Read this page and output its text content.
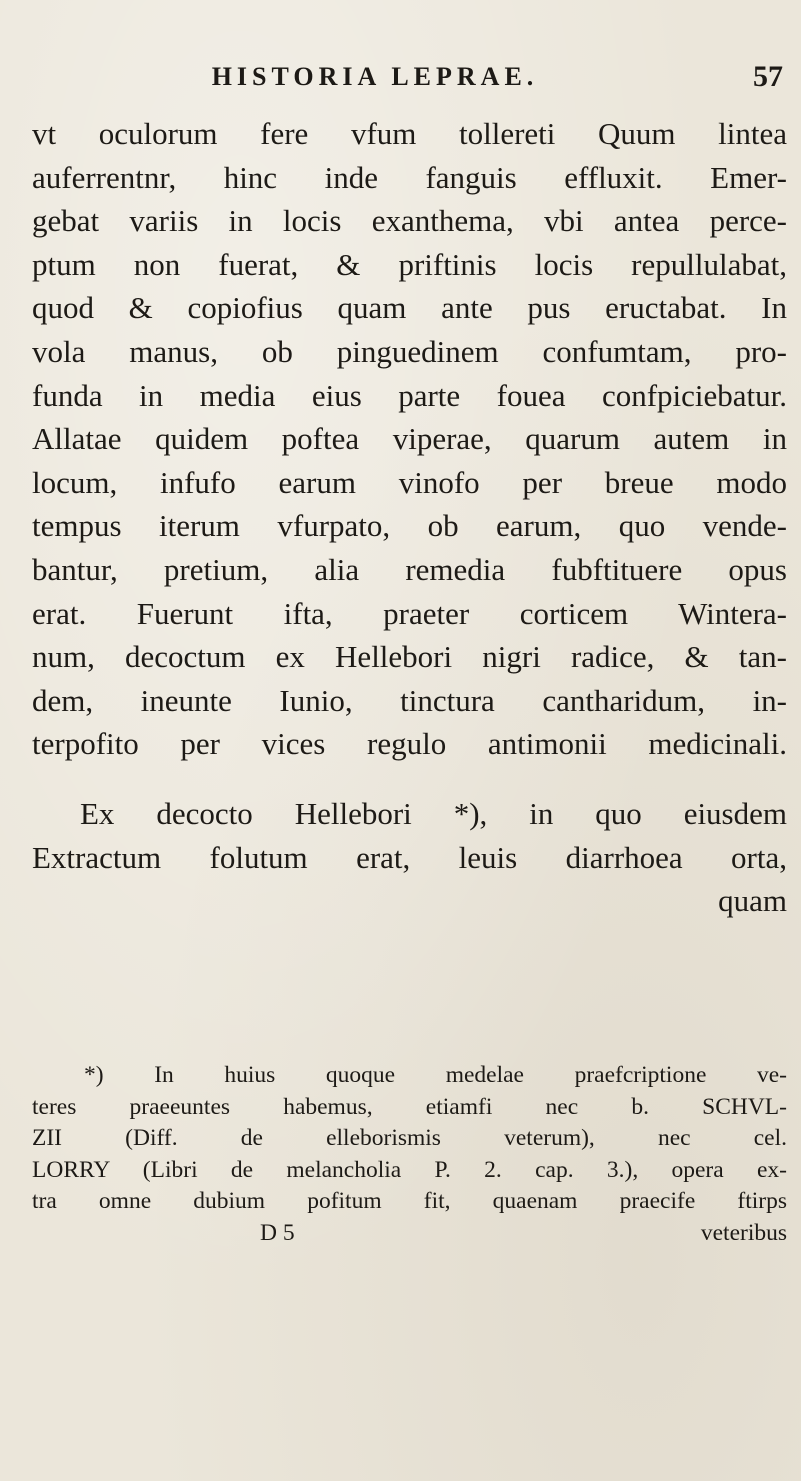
HISTORIA LEPRAE.	57
vt oculorum fere vfum tollereti Quum lintea
auferrentnr, hinc inde fanguis effluxit. Emer-
gebat variis in locis exanthema, vbi antea perce-
ptum non fuerat, & priftinis locis repullulabat,
quod & copiofius quam ante pus eructabat. In
vola manus, ob pinguedinem confumtam, pro-
funda in media eius parte fouea confpiciebatur.
Allatae quidem poftea viperae, quarum autem in
locum, infufo earum vinofo per breue modo
tempus iterum vfurpato, ob earum, quo vende-
bantur, pretium, alia remedia fubftituere opus
erat. Fuerunt ifta, praeter corticem Wintera-
num, decoctum ex Hellebori nigri radice, & tan-
dem, ineunte Iunio, tinctura cantharidum, in-
terpofito per vices regulo antimonii medicinali.
Ex decocto Hellebori *), in quo eiusdem
Extractum folutum erat, leuis diarrhoea orta,
quam
*) In huius quoque medelae praefcriptione ve-
teres praeeuntes habemus, etiamfi nec b. SCHVL-
ZII (Diff. de elleborismis veterum), nec cel.
LORRY (Libri de melancholia P. 2. cap. 3.), opera ex-
tra omne dubium pofitum fit, quaenam praecife ftirps
D 5	veteribus
